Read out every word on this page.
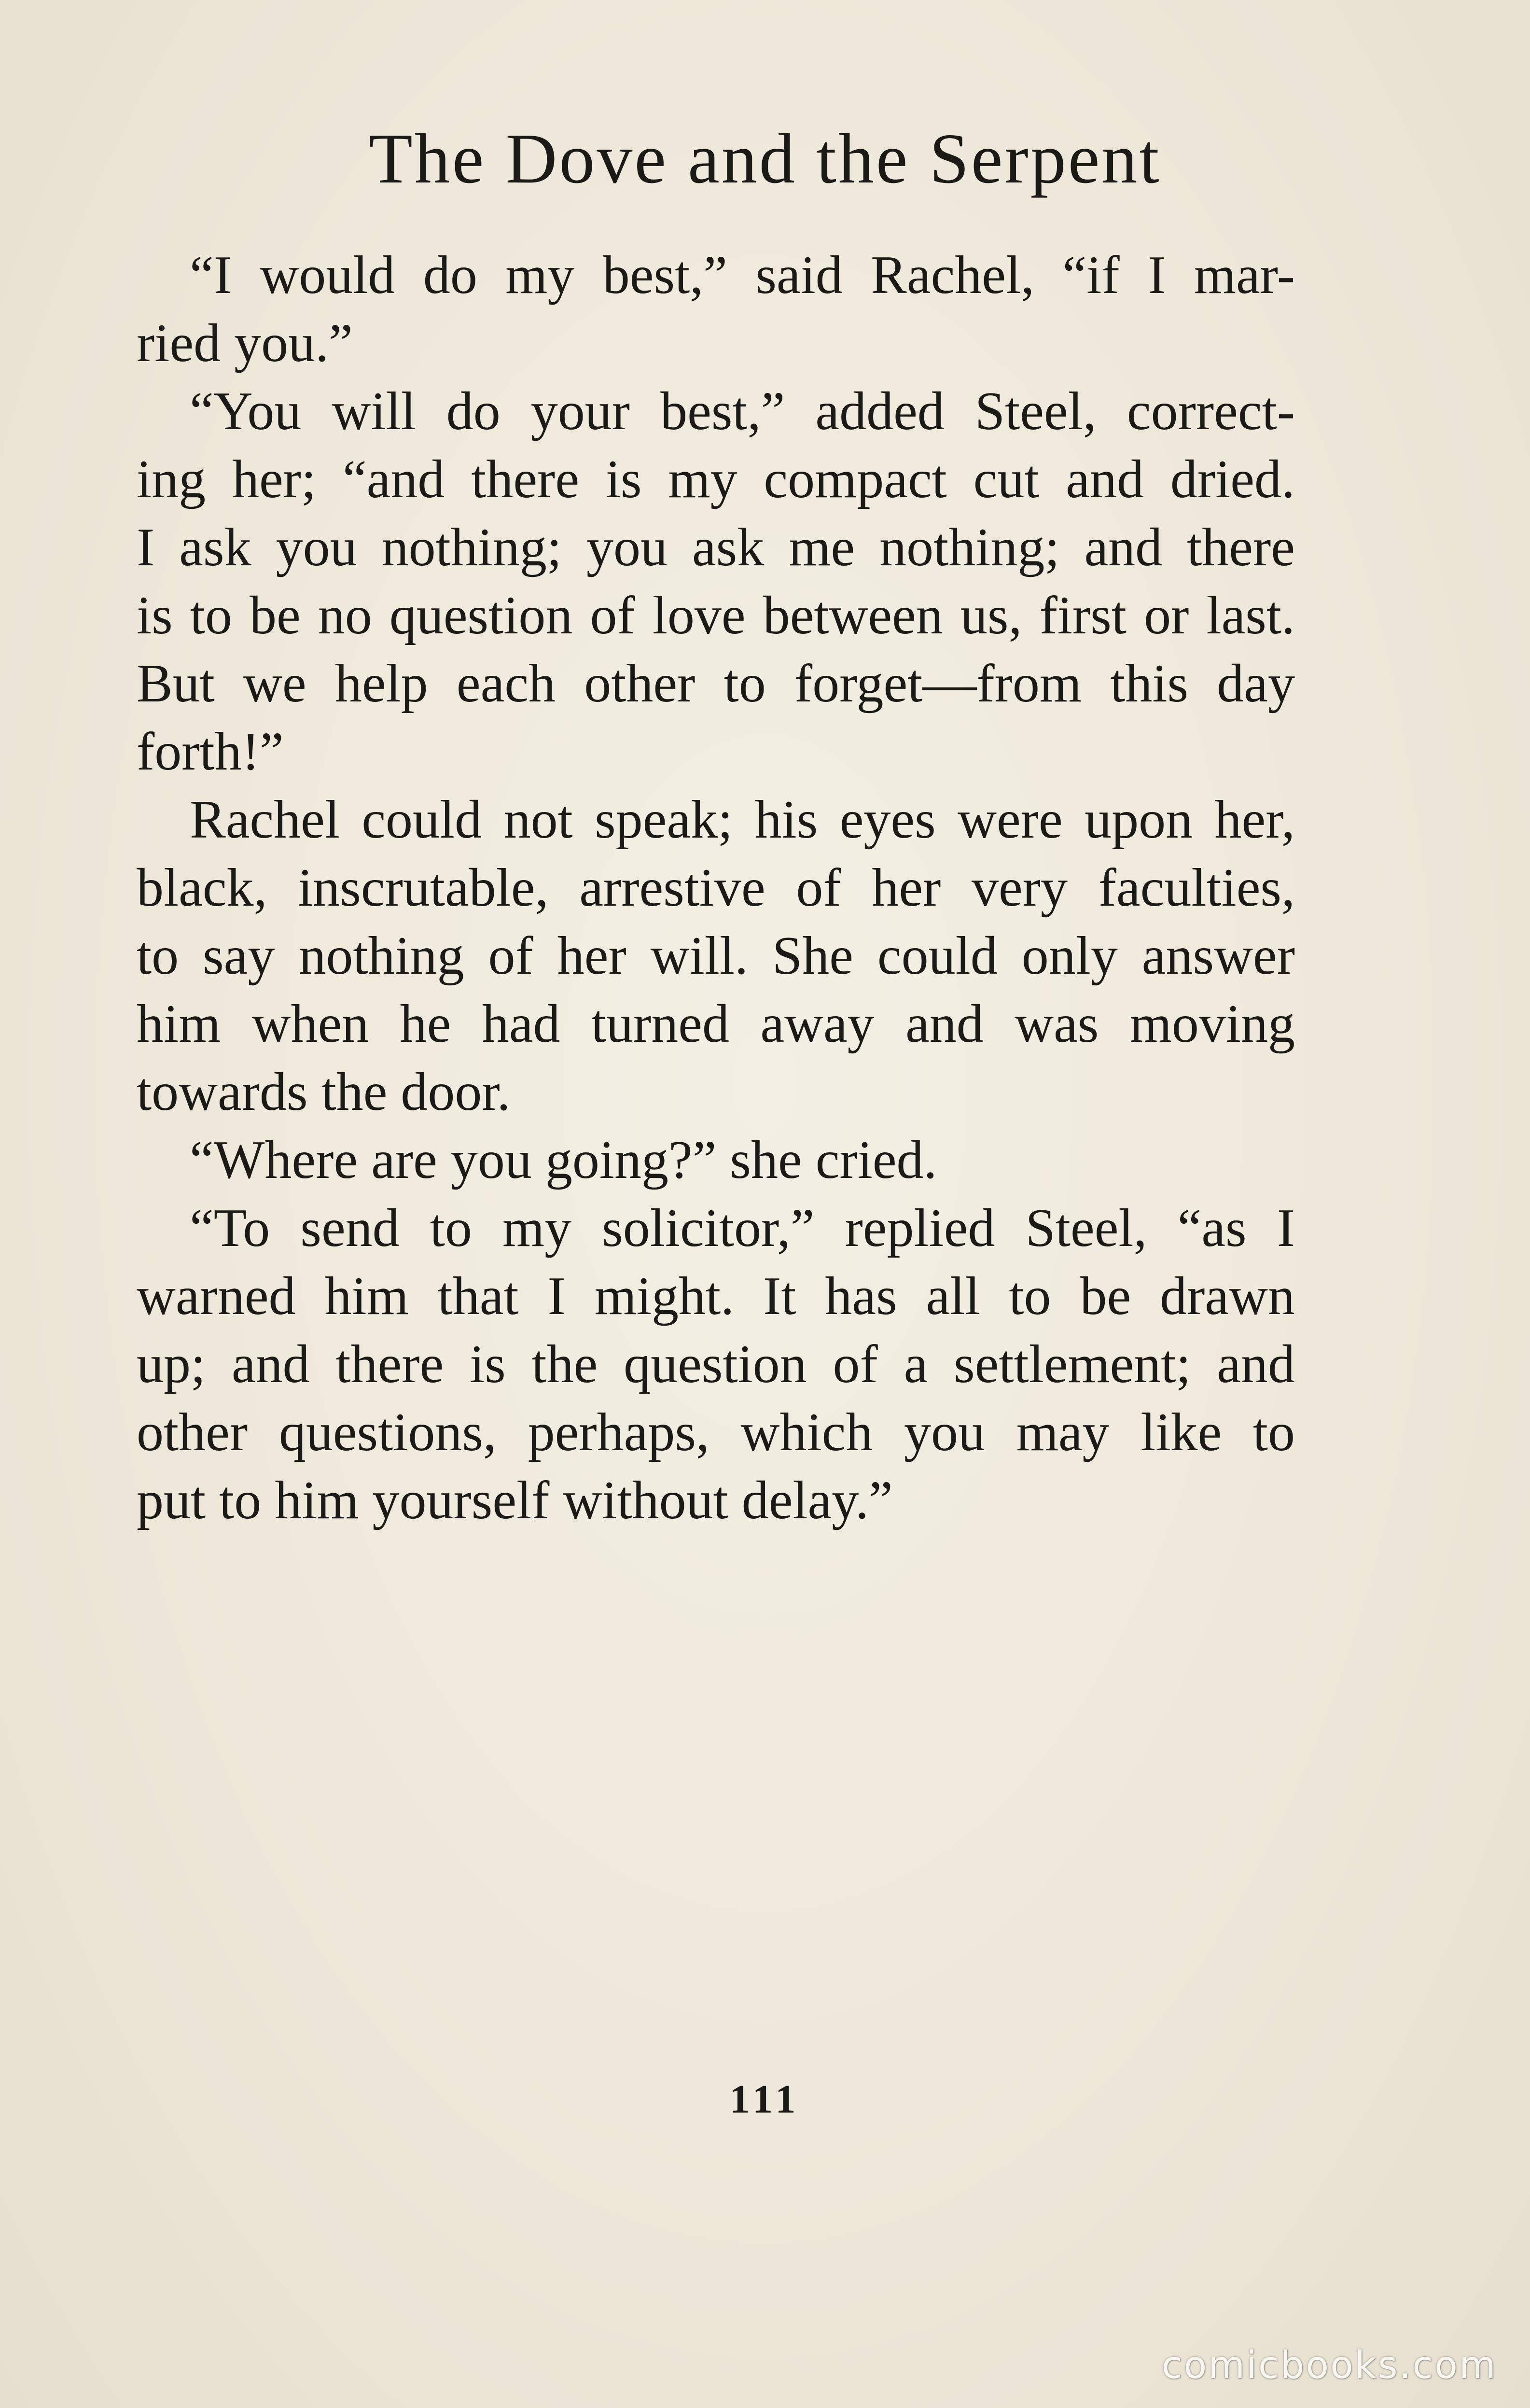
The Dove and the Serpent
“I would do my best,” said Rachel, “if I mar-
ried you.”
“You will do your best,” added Steel, correct-
ing her; “and there is my compact cut and dried.
I ask you nothing; you ask me nothing; and there
is to be no question of love between us, first or last.
But we help each other to forget—from this day
forth!”
Rachel could not speak; his eyes were upon her,
black, inscrutable, arrestive of her very faculties,
to say nothing of her will. She could only answer
him when he had turned away and was moving
towards the door.
“Where are you going?” she cried.
“To send to my solicitor,” replied Steel, “as I
warned him that I might. It has all to be drawn
up; and there is the question of a settlement; and
other questions, perhaps, which you may like to
put to him yourself without delay.”
111
comicbooks.com
